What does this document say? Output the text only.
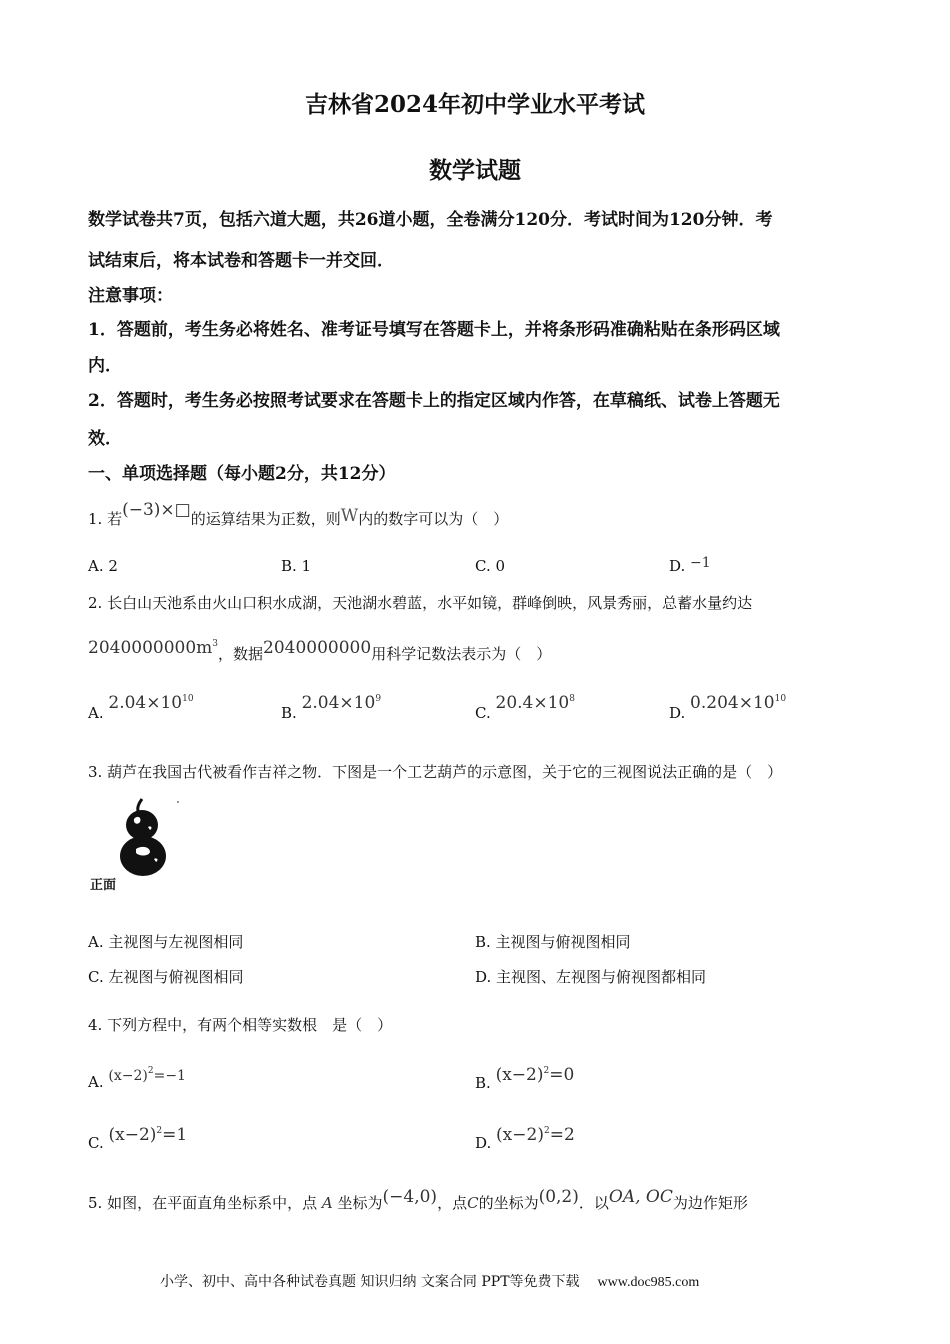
吉林省2024年初中学业水平考试
数学试题
数学试卷共7页，包括六道大题，共26道小题，全卷满分120分．考试时间为120分钟．考
试结束后，将本试卷和答题卡一并交回．
注意事项：
1．答题前，考生务必将姓名、准考证号填写在答题卡上，并将条形码准确粘贴在条形码区域
内．
2．答题时，考生务必按照考试要求在答题卡上的指定区域内作答，在草稿纸、试卷上答题无
效．
一、单项选择题（每小题2分，共12分）
1. 若(−3)×□的运算结果为正数，则W内的数字可以为（　）
A. 2	B. 1	C. 0	D. −1
2. 长白山天池系由火山口积水成湖，天池湖水碧蓝，水平如镜，群峰倒映，风景秀丽，总蓄水量约达
$2040000000m^3$，数据2040000000用科学记数法表示为（　）
A. $2.04\times 10^{10}$
B. $2.04\times 10^9$
C. $20.4\times 10^8$
D. $0.204\times 10^{10}$
3. 葫芦在我国古代被看作吉祥之物．下图是一个工艺葫芦的示意图，关于它的三视图说法正确的是（　）
正面
A. 主视图与左视图相同	B. 主视图与俯视图相同
C. 左视图与俯视图相同	D. 主视图、左视图与俯视图都相同
4. 下列方程中，有两个相等实数根　是（　）
A. $(x-2)^2=-1$	B. $(x-2)^2=0$
C. $(x-2)^2=1$	D. $(x-2)^2=2$
5. 如图，在平面直角坐标系中，点 A 坐标为(−4,0)，点C的坐标为(0,2)．以OA, OC为边作矩形
小学、初中、高中各种试卷真题 知识归纳 文案合同 PPT等免费下载 www.doc985.com
